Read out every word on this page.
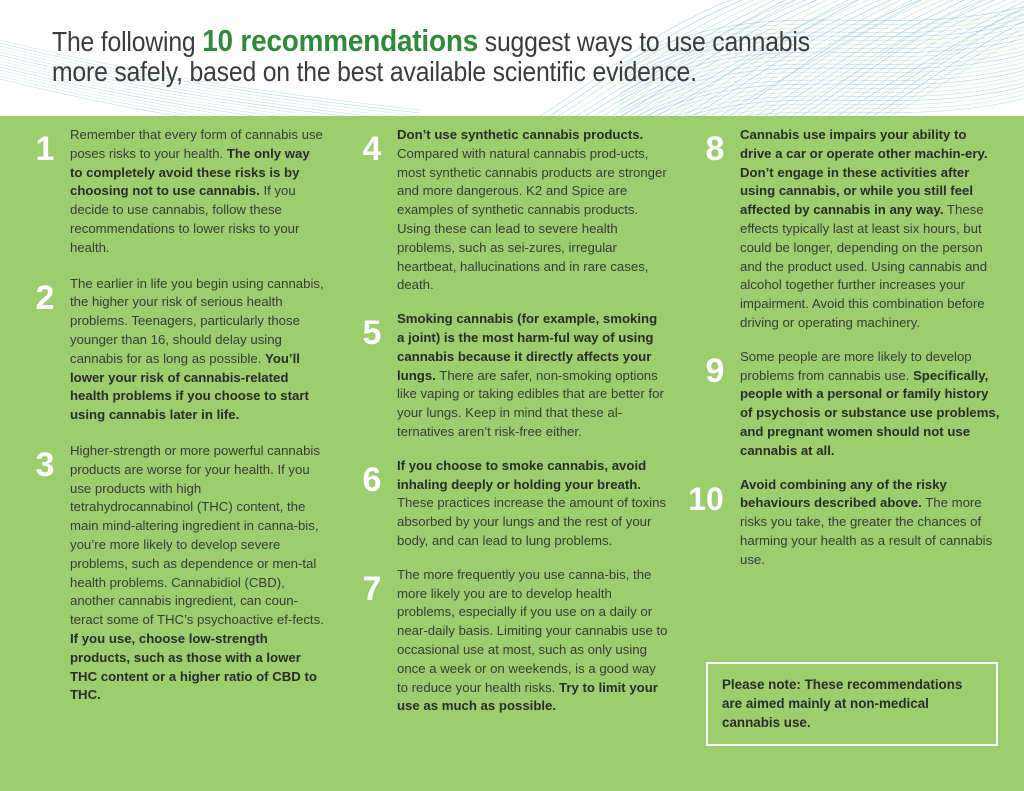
The following 10 recommendations suggest ways to use cannabis more safely, based on the best available scientific evidence.
1	Remember that every form of cannabis use poses risks to your health. The only way to completely avoid these risks is by choosing not to use cannabis. If you decide to use cannabis, follow these recommendations to lower risks to your health.

2	The earlier in life you begin using cannabis, the higher your risk of serious health problems. Teenagers, particularly those younger than 16, should delay using cannabis for as long as possible. You’ll lower your risk of cannabis-related health problems if you choose to start using cannabis later in life.

3	Higher-strength or more powerful cannabis products are worse for your health. If you use products with high tetrahydrocannabinol (THC) content, the main mind-altering ingredient in canna-bis, you’re more likely to develop severe problems, such as dependence or men-tal health problems. Cannabidiol (CBD), another cannabis ingredient, can coun-teract some of THC’s psychoactive ef-fects. If you use, choose low-strength products, such as those with a lower THC content or a higher ratio of CBD to THC.

4	Don’t use synthetic cannabis products. Compared with natural cannabis prod-ucts, most synthetic cannabis products are stronger and more dangerous. K2 and Spice are examples of synthetic cannabis products. Using these can lead to severe health problems, such as sei-zures, irregular heartbeat, hallucinations and in rare cases, death.

5	Smoking cannabis (for example, smoking a joint) is the most harm-ful way of using cannabis because it directly affects your lungs. There are safer, non-smoking options like vaping or taking edibles that are better for your lungs. Keep in mind that these al-ternatives aren’t risk-free either.

6	If you choose to smoke cannabis, avoid inhaling deeply or holding your breath. These practices increase the amount of toxins absorbed by your lungs and the rest of your body, and can lead to lung problems.

7	The more frequently you use canna-bis, the more likely you are to develop health problems, especially if you use on a daily or near-daily basis. Limiting your cannabis use to occasional use at most, such as only using once a week or on weekends, is a good way to reduce your health risks. Try to limit your use as much as possible.

8	Cannabis use impairs your ability to drive a car or operate other machin-ery. Don’t engage in these activities after using cannabis, or while you still feel affected by cannabis in any way. These effects typically last at least six hours, but could be longer, depending on the person and the product used. Using cannabis and alcohol together further increases your impairment. Avoid this combination before driving or operating machinery.

9	Some people are more likely to develop problems from cannabis use. Specifically, people with a personal or family history of psychosis or substance use problems, and pregnant women should not use cannabis at all.

10	Avoid combining any of the risky behaviours described above. The more risks you take, the greater the chances of harming your health as a result of cannabis use.

Please note: These recommendations are aimed mainly at non-medical cannabis use.
